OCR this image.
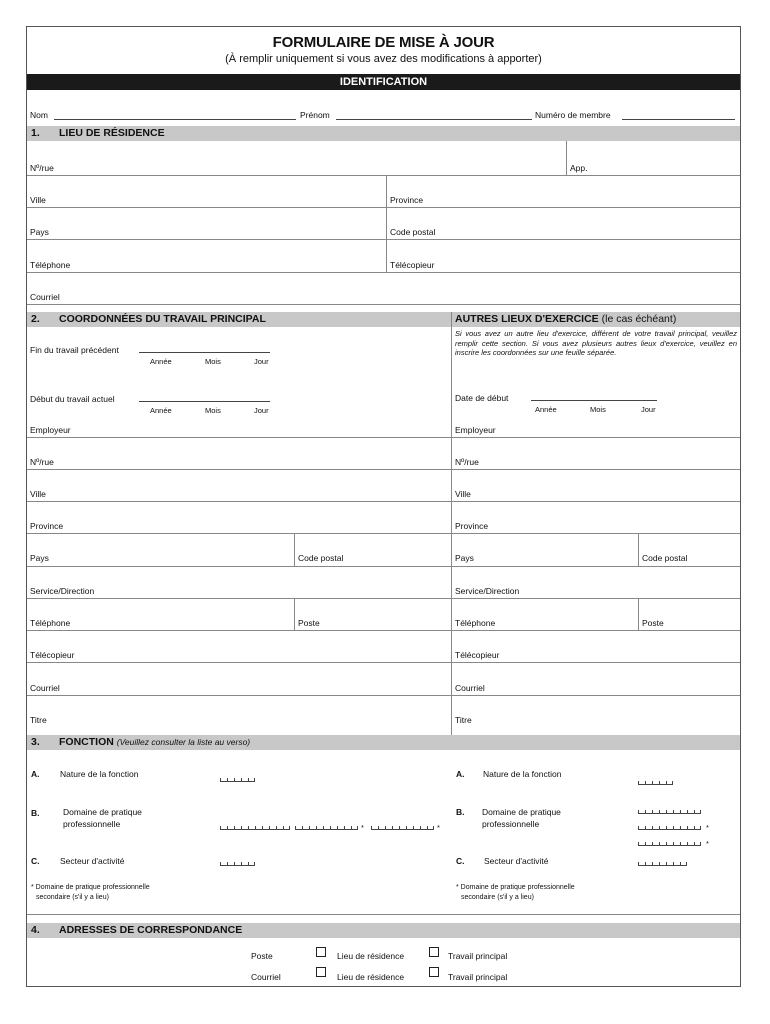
FORMULAIRE DE MISE À JOUR
(À remplir uniquement si vous avez des modifications à apporter)
IDENTIFICATION
Nom	Prénom	Numéro de membre
1. LIEU DE RÉSIDENCE
Nº/rue	App.
Ville	Province
Pays	Code postal
Téléphone	Télécopieur
Courriel
2. COORDONNÉES DU TRAVAIL PRINCIPAL	AUTRES LIEUX D'EXERCICE (le cas échéant)
Fin du travail précédent
Année	Mois	Jour
Début du travail actuel
Année	Mois	Jour
Employeur
Si vous avez un autre lieu d'exercice, différent de votre travail principal, veuillez remplir cette section. Si vous avez plusieurs autres lieux d'exercice, veuillez en inscrire les coordonnées sur une feuille séparée.
Date de début
Année	Mois	Jour
Employeur
Nº/rue	Nº/rue
Ville	Ville
Province	Province
Pays	Code postal	Pays	Code postal
Service/Direction	Service/Direction
Téléphone	Poste	Téléphone	Poste
Télécopieur	Télécopieur
Courriel	Courriel
Titre	Titre
3. FONCTION (Veuillez consulter la liste au verso)
A. Nature de la fonction
B.	Domaine de pratique
professionnelle	*	*
C. Secteur d'activité
* Domaine de pratique professionnelle
secondaire (s'il y a lieu)
A. Nature de la fonction
B. Domaine de pratique
professionnelle	*
*
C. Secteur d'activité
* Domaine de pratique professionnelle
secondaire (s'il y a lieu)
4. ADRESSES DE CORRESPONDANCE
Poste	Lieu de résidence	Travail principal
Courriel	Lieu de résidence	Travail principal
